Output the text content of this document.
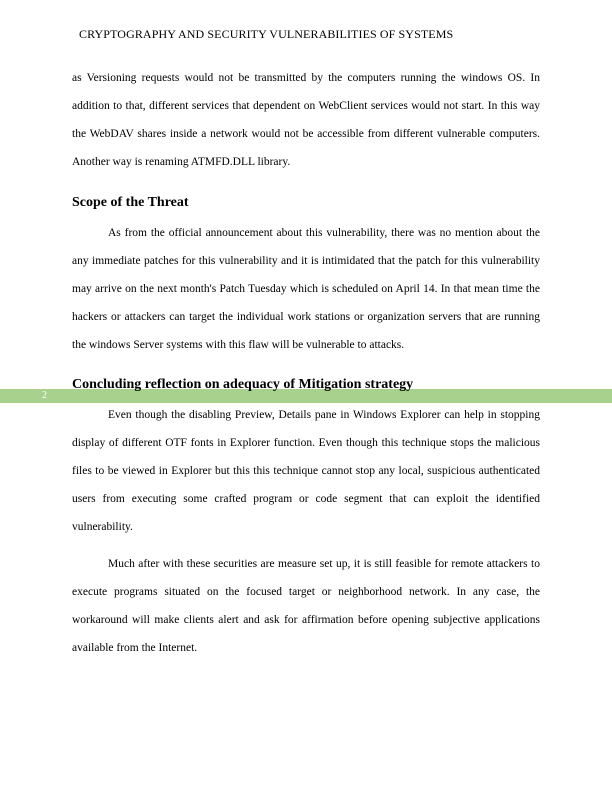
CRYPTOGRAPHY AND SECURITY VULNERABILITIES OF SYSTEMS

as Versioning requests would not be transmitted by the computers running the windows OS. In addition to that, different services that dependent on WebClient services would not start. In this way the WebDAV shares inside a network would not be accessible from different vulnerable computers. Another way is renaming ATMFD.DLL library.

Scope of the Threat

As from the official announcement about this vulnerability, there was no mention about the any immediate patches for this vulnerability and it is intimidated that the patch for this vulnerability may arrive on the next month's Patch Tuesday which is scheduled on April 14. In that mean time the hackers or attackers can target the individual work stations or organization servers that are running the windows Server systems with this flaw will be vulnerable to attacks.

2
Concluding reflection on adequacy of Mitigation strategy

Even though the disabling Preview, Details pane in Windows Explorer can help in stopping display of different OTF fonts in Explorer function. Even though this technique stops the malicious files to be viewed in Explorer but this this technique cannot stop any local, suspicious authenticated users from executing some crafted program or code segment that can exploit the identified vulnerability.

Much after with these securities are measure set up, it is still feasible for remote attackers to execute programs situated on the focused target or neighborhood network. In any case, the workaround will make clients alert and ask for affirmation before opening subjective applications available from the Internet.
